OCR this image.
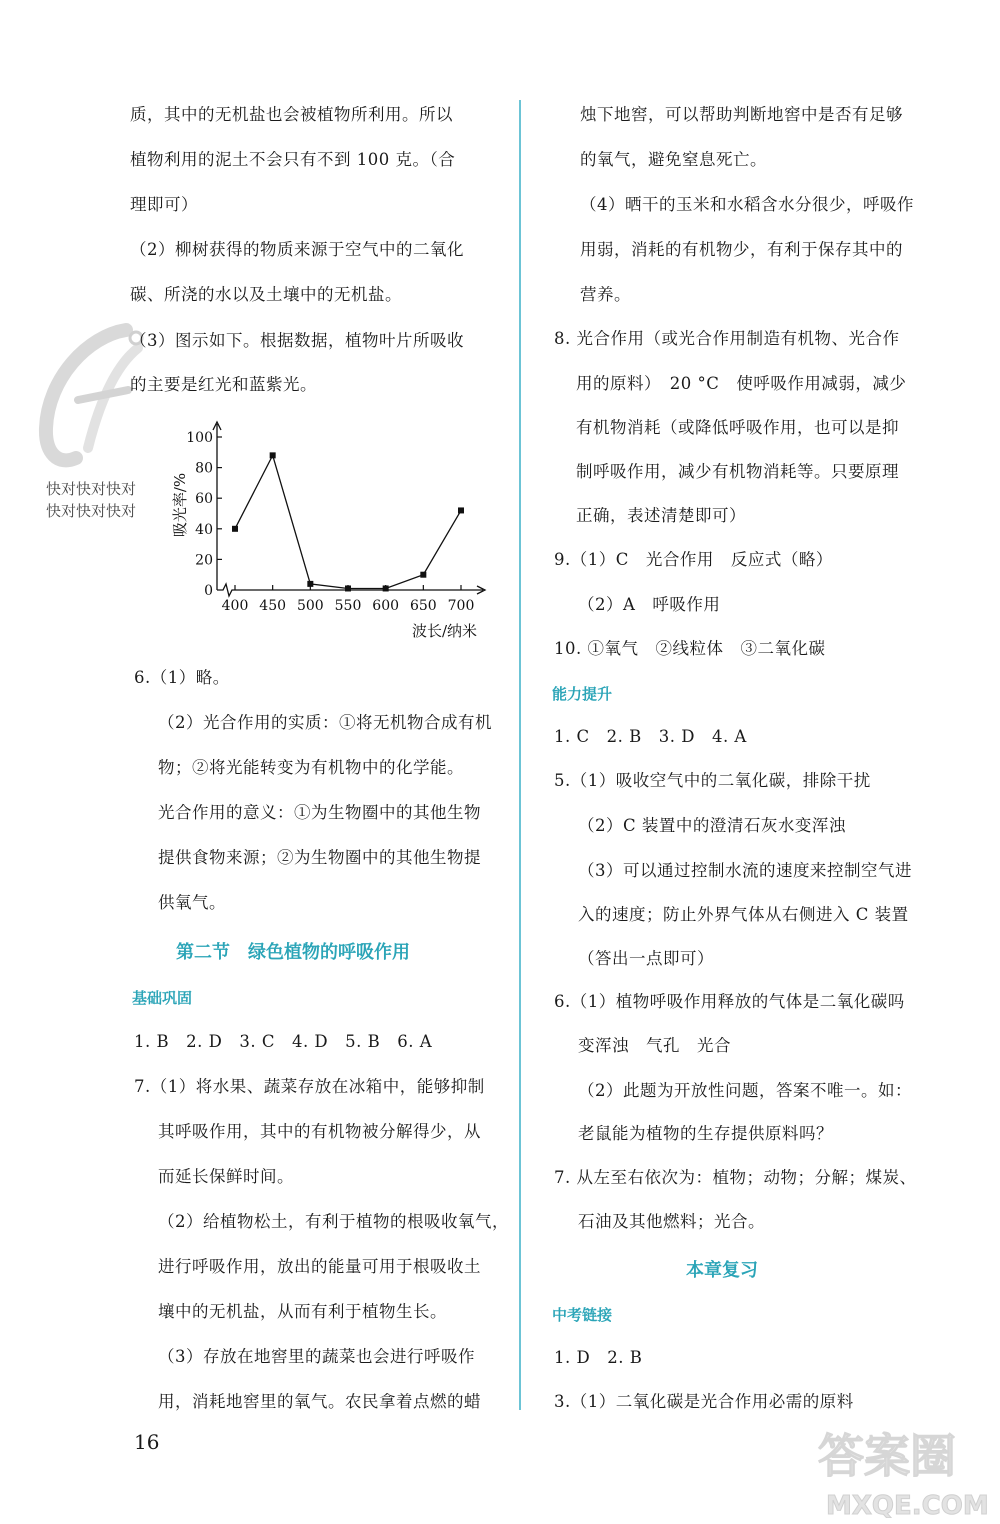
快对快对快对
快对快对快对
质，其中的无机盐也会被植物所利用。所以
植物利用的泥土不会只有不到 100 克。（合
理即可）
（2）柳树获得的物质来源于空气中的二氧化
碳、所浇的水以及土壤中的无机盐。
（3）图示如下。根据数据，植物叶片所吸收
的主要是红光和蓝紫光。
0
20
40
60
80
100
400 450 500 550 600 650 700
吸光率/%
波长/纳米
6.（1）略。
（2）光合作用的实质：①将无机物合成有机
物；②将光能转变为有机物中的化学能。
光合作用的意义：①为生物圈中的其他生物
提供食物来源；②为生物圈中的其他生物提
供氧气。
第二节　绿色植物的呼吸作用
基础巩固
1. B　2. D　3. C　4. D　5. B　6. A
7.（1）将水果、蔬菜存放在冰箱中，能够抑制
其呼吸作用，其中的有机物被分解得少，从
而延长保鲜时间。
（2）给植物松土，有利于植物的根吸收氧气，
进行呼吸作用，放出的能量可用于根吸收土
壤中的无机盐，从而有利于植物生长。
（3）存放在地窖里的蔬菜也会进行呼吸作
用，消耗地窖里的氧气。农民拿着点燃的蜡
烛下地窖，可以帮助判断地窖中是否有足够
的氧气，避免窒息死亡。
（4）晒干的玉米和水稻含水分很少，呼吸作
用弱，消耗的有机物少，有利于保存其中的
营养。
8. 光合作用（或光合作用制造有机物、光合作
用的原料）　20 °C　使呼吸作用减弱，减少
有机物消耗（或降低呼吸作用，也可以是抑
制呼吸作用，减少有机物消耗等。只要原理
正确，表述清楚即可）
9.（1）C　光合作用　反应式（略）
（2）A　呼吸作用
10. ①氧气　②线粒体　③二氧化碳
能力提升
1. C　2. B　3. D　4. A
5.（1）吸收空气中的二氧化碳，排除干扰
（2）C 装置中的澄清石灰水变浑浊
（3）可以通过控制水流的速度来控制空气进
入的速度；防止外界气体从右侧进入 C 装置
（答出一点即可）
6.（1）植物呼吸作用释放的气体是二氧化碳吗
变浑浊　气孔　光合
（2）此题为开放性问题，答案不唯一。如：
老鼠能为植物的生存提供原料吗？
7. 从左至右依次为：植物；动物；分解；煤炭、
石油及其他燃料；光合。
本章复习
中考链接
1. D　2. B
3.（1）二氧化碳是光合作用必需的原料
16	答案圈
MXQE.COM
